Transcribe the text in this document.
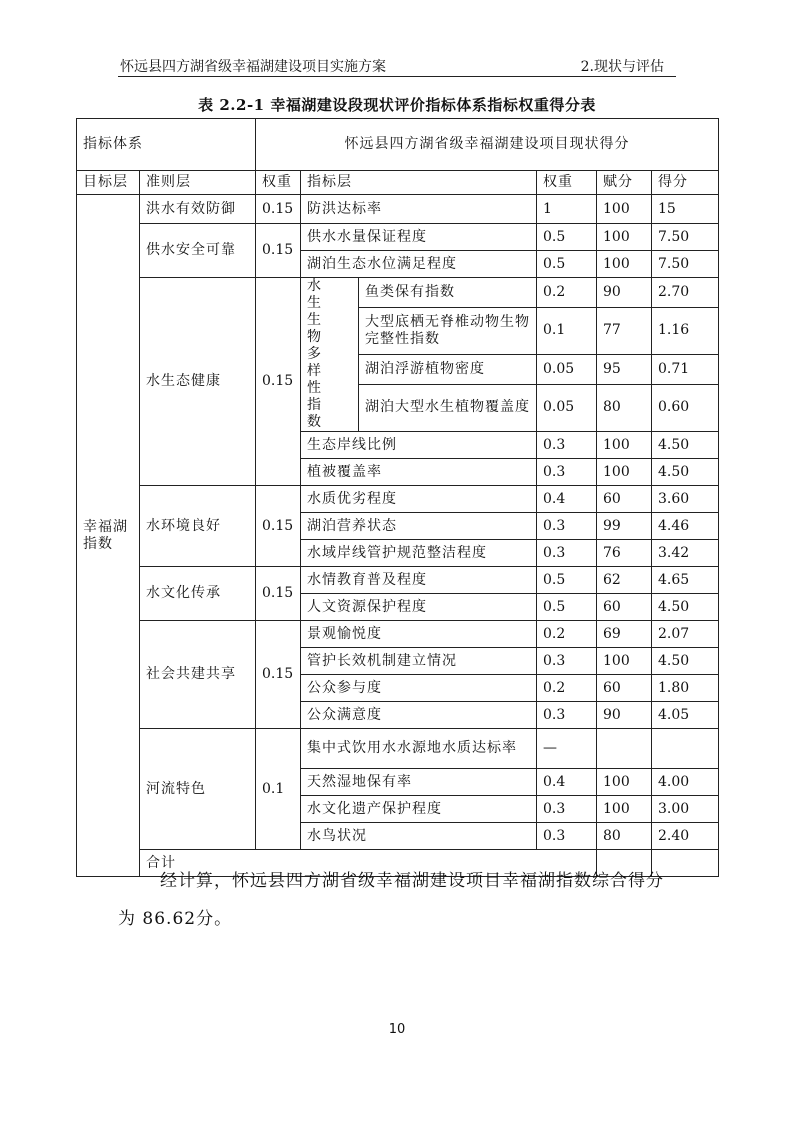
怀远县四方湖省级幸福湖建设项目实施方案	2.现状与评估
表 2.2-1 幸福湖建设段现状评价指标体系指标权重得分表
指标体系		怀远县四方湖省级幸福湖建设项目现状得分						
目标层	准则层	权重	指标层		权重	赋分	得分	
幸福湖指数	洪水有效防御	0.15	防洪达标率		1	100	15	
	供水安全可靠	0.15	供水水量保证程度		0.5	100	7.50	
			湖泊生态水位满足程度		0.5	100	7.50	
	水生态健康	0.15	水生生物多样性指数	鱼类保有指数	0.2	90	2.70	
				大型底栖无脊椎动物生物完整性指数	0.1	77	1.16	
				湖泊浮游植物密度	0.05	95	0.71	
				湖泊大型水生植物覆盖度	0.05	80	0.60	
			生态岸线比例		0.3	100	4.50	
			植被覆盖率		0.3	100	4.50	
	水环境良好	0.15	水质优劣程度		0.4	60	3.60	
			湖泊营养状态		0.3	99	4.46	
			水域岸线管护规范整洁程度		0.3	76	3.42	
	水文化传承	0.15	水情教育普及程度		0.5	62	4.65	
			人文资源保护程度		0.5	60	4.50	
	社会共建共享	0.15	景观愉悦度		0.2	69	2.07	
			管护长效机制建立情况		0.3	100	4.50	
			公众参与度		0.2	60	1.80	
			公众满意度		0.3	90	4.05	
	河流特色	0.1	集中式饮用水水源地水质达标率		—			
			天然湿地保有率		0.4	100	4.00	
			水文化遗产保护程度		0.3	100	3.00	
			水鸟状况		0.3	80	2.40	
	合计			
经计算，怀远县四方湖省级幸福湖建设项目幸福湖指数综合得分
为 86.62分。
10
